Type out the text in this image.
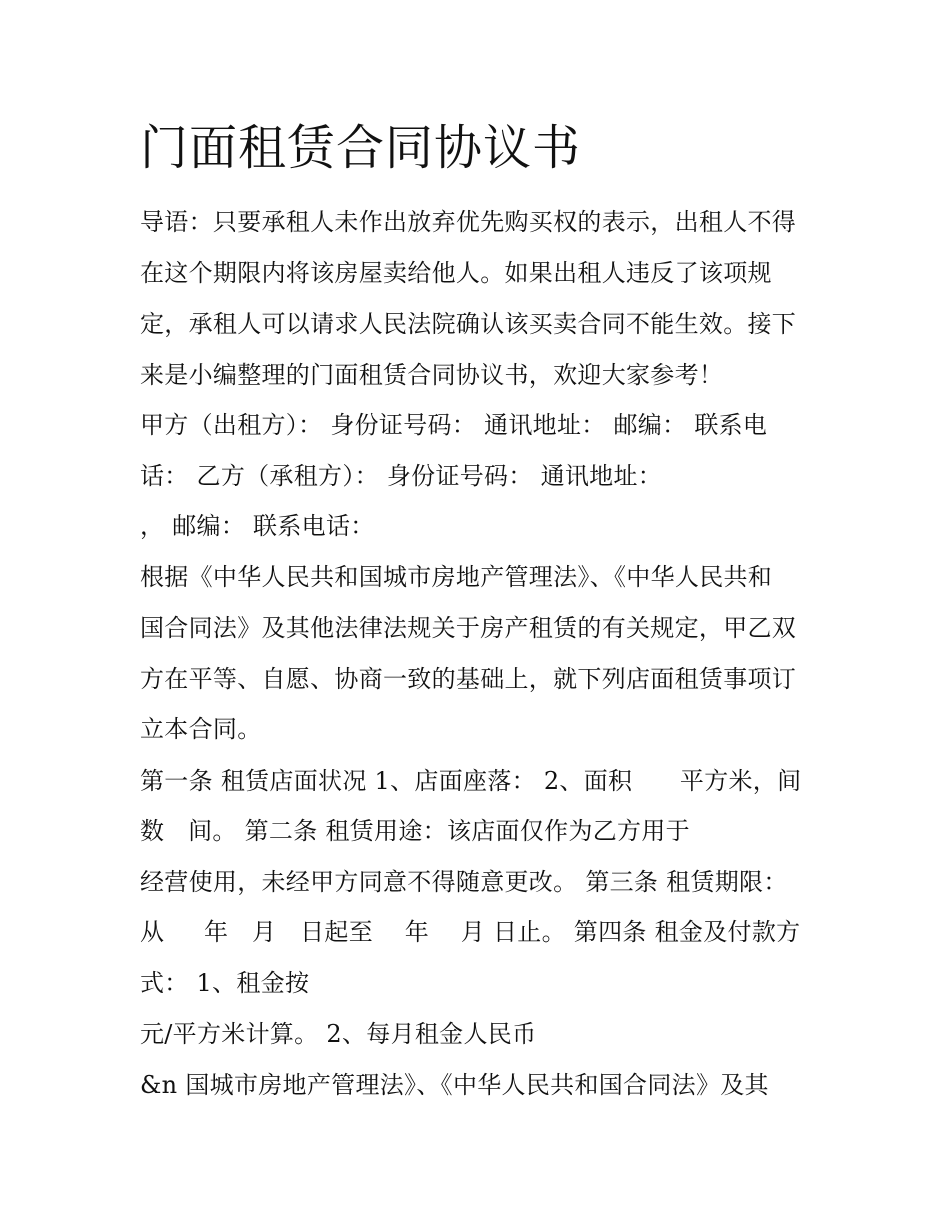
门面租赁合同协议书
导语：只要承租人未作出放弃优先购买权的表示，出租人不得
在这个期限内将该房屋卖给他人。如果出租人违反了该项规
定，承租人可以请求人民法院确认该买卖合同不能生效。接下
来是小编整理的门面租赁合同协议书，欢迎大家参考！
甲方（出租方）： 身份证号码： 通讯地址： 邮编： 联系电
话： 乙方（承租方）： 身份证号码： 通讯地址：
， 邮编： 联系电话：
根据《中华人民共和国城市房地产管理法》、《中华人民共和
国合同法》及其他法律法规关于房产租赁的有关规定，甲乙双
方在平等、自愿、协商一致的基础上，就下列店面租赁事项订
立本合同。
第一条 租赁店面状况 1、店面座落： 2、面积      平方米，间
数   间。 第二条 租赁用途：该店面仅作为乙方用于
经营使用，未经甲方同意不得随意更改。 第三条 租赁期限：
从     年   月   日起至    年    月 日止。 第四条 租金及付款方
式： 1、租金按
元/平方米计算。 2、每月租金人民币
&n 国城市房地产管理法》、《中华人民共和国合同法》及其
